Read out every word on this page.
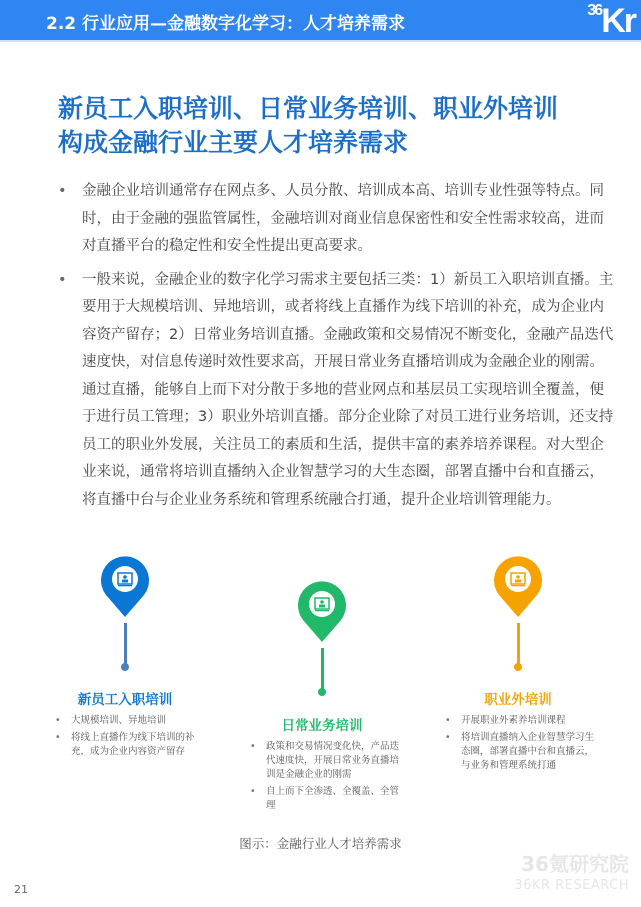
2.2 行业应用—金融数字化学习：人才培养需求
$^{36}$Kr
新员工入职培训、日常业务培训、职业外培训
构成金融行业主要人才培养需求

• 金融企业培训通常存在网点多、人员分散、培训成本高、培训专业性强等特点。同时，由于金融的强监管属性，金融培训对商业信息保密性和安全性需求较高，进而对直播平台的稳定性和安全性提出更高要求。

• 一般来说，金融企业的数字化学习需求主要包括三类：1）新员工入职培训直播。主要用于大规模培训、异地培训，或者将线上直播作为线下培训的补充，成为企业内容资产留存；2）日常业务培训直播。金融政策和交易情况不断变化，金融产品迭代速度快，对信息传递时效性要求高，开展日常业务直播培训成为金融企业的刚需。通过直播，能够自上而下对分散于多地的营业网点和基层员工实现培训全覆盖，便于进行员工管理；3）职业外培训直播。部分企业除了对员工进行业务培训，还支持员工的职业外发展，关注员工的素质和生活，提供丰富的素养培养课程。对大型企业来说，通常将培训直播纳入企业智慧学习的大生态圈，部署直播中台和直播云，将直播中台与企业业务系统和管理系统融合打通，提升企业培训管理能力。

新员工入职培训
• 大规模培训、异地培训
• 将线上直播作为线下培训的补充，成为企业内容资产留存
日常业务培训
• 政策和交易情况变化快，产品迭代速度快，开展日常业务直播培训是金融企业的刚需
• 自上而下全渗透、全覆盖、全管理
职业外培训
• 开展职业外素养培训课程
• 将培训直播纳入企业智慧学习生态圈，部署直播中台和直播云，与业务和管理系统打通
图示：金融行业人才培养需求
36氪研究院
36KR RESEARCH
21
